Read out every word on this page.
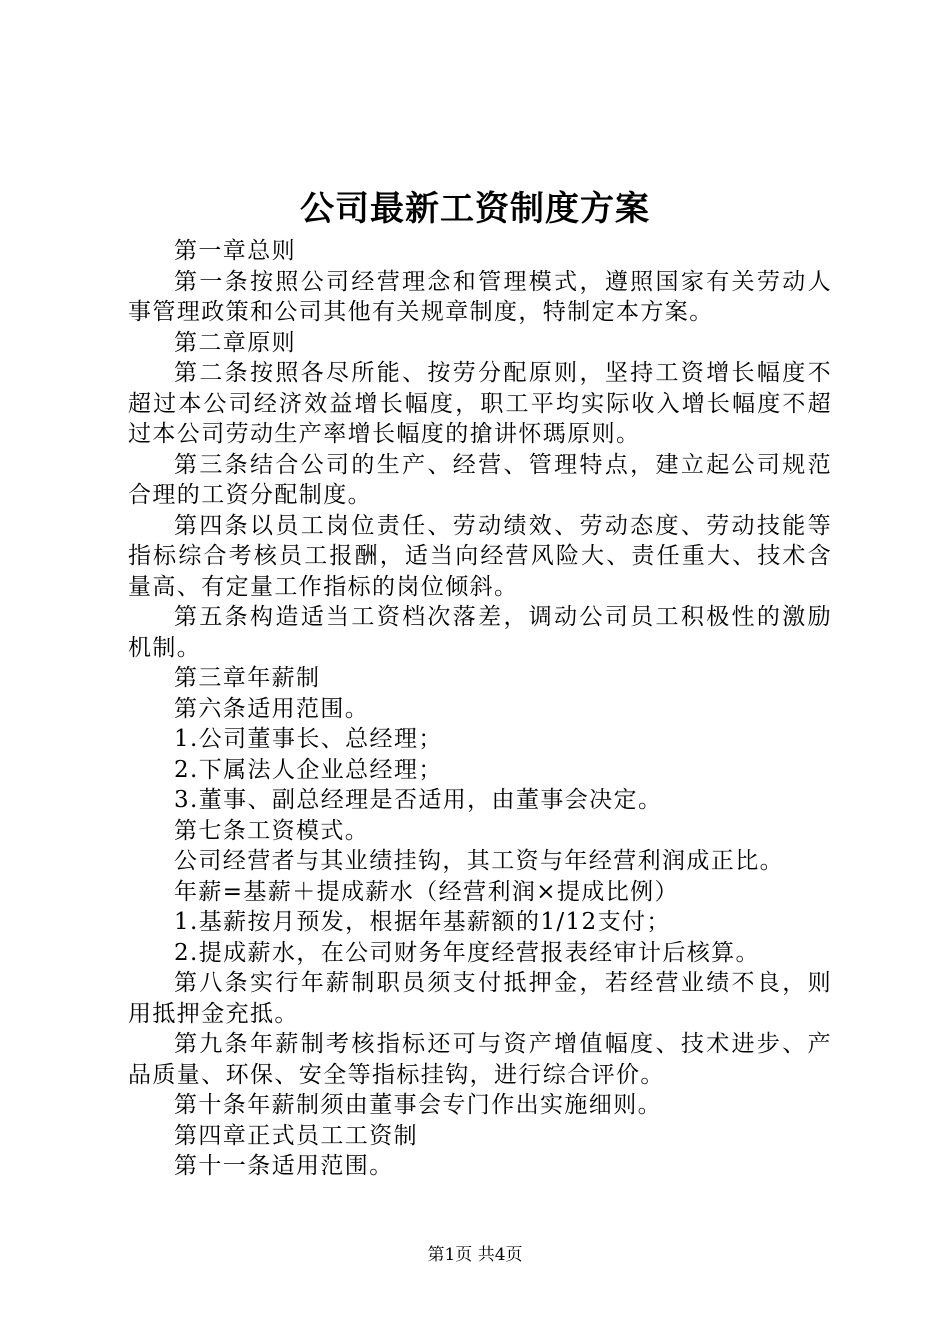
公司最新工资制度方案

第一章总则

第一条按照公司经营理念和管理模式，遵照国家有关劳动人事管理政策和公司其他有关规章制度，特制定本方案。

第二章原则

第二条按照各尽所能、按劳分配原则，坚持工资增长幅度不超过本公司经济效益增长幅度，职工平均实际收入增长幅度不超过本公司劳动生产率增长幅度的搶讲怀瑪原则。

第三条结合公司的生产、经营、管理特点，建立起公司规范合理的工资分配制度。

第四条以员工岗位责任、劳动绩效、劳动态度、劳动技能等指标综合考核员工报酬，适当向经营风险大、责任重大、技术含量高、有定量工作指标的岗位倾斜。

第五条构造适当工资档次落差，调动公司员工积极性的激励机制。

第三章年薪制

第六条适用范围。

1.公司董事长、总经理；

2.下属法人企业总经理；

3.董事、副总经理是否适用，由董事会决定。

第七条工资模式。

公司经营者与其业绩挂钩，其工资与年经营利润成正比。

年薪=基薪＋提成薪水（经营利润×提成比例）

1.基薪按月预发，根据年基薪额的1/12支付；

2.提成薪水，在公司财务年度经营报表经审计后核算。

第八条实行年薪制职员须支付抵押金，若经营业绩不良，则用抵押金充抵。

第九条年薪制考核指标还可与资产增值幅度、技术进步、产品质量、环保、安全等指标挂钩，进行综合评价。

第十条年薪制须由董事会专门作出实施细则。

第四章正式员工工资制

第十一条适用范围。

第1页 共4页
